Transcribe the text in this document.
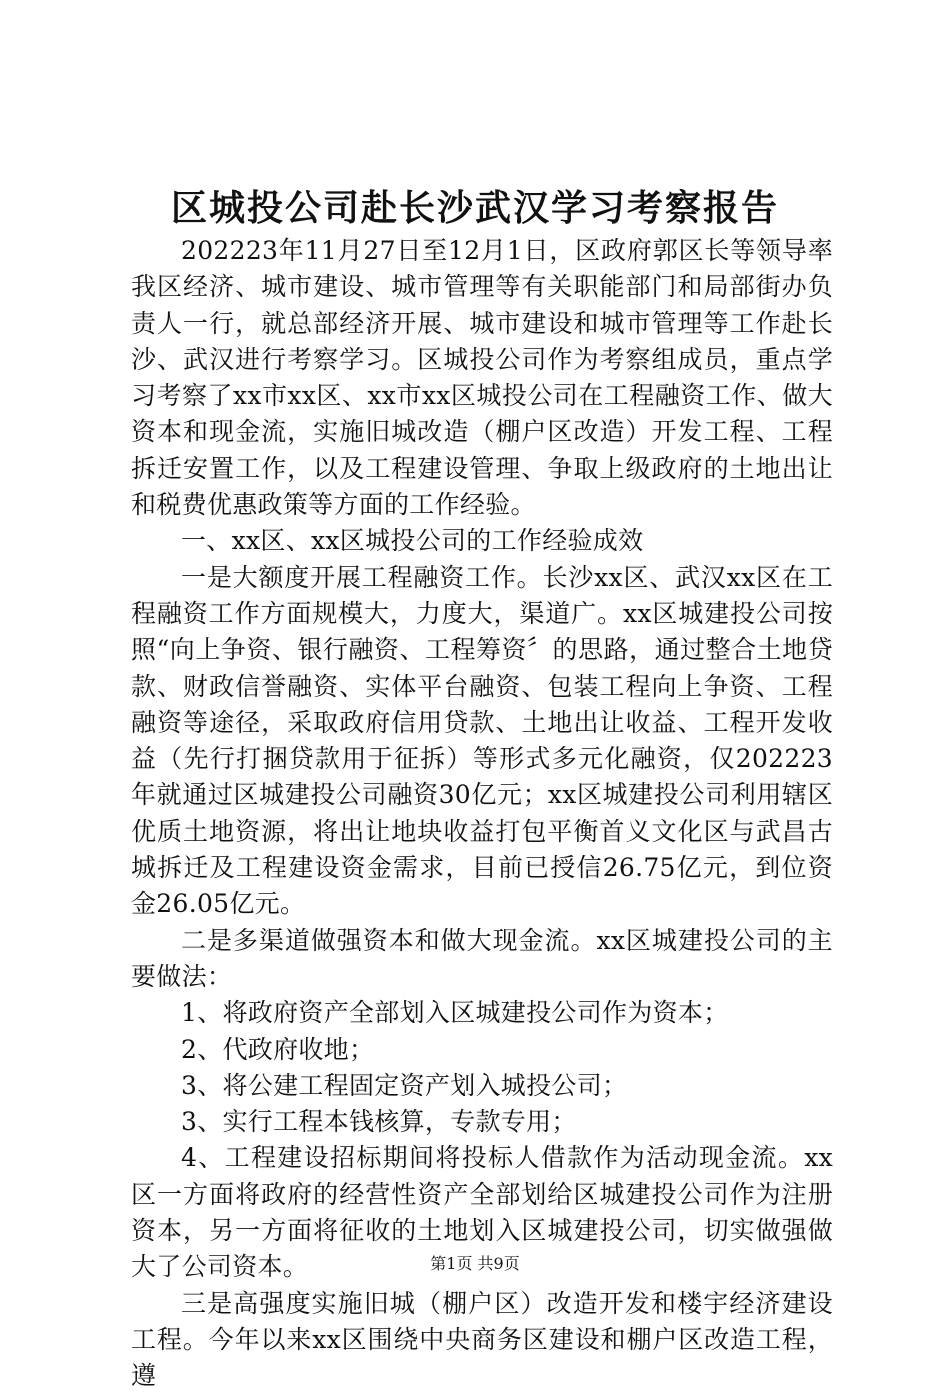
区城投公司赴长沙武汉学习考察报告

202223年11月27日至12月1日，区政府郭区长等领导率我区经济、城市建设、城市管理等有关职能部门和局部街办负责人一行，就总部经济开展、城市建设和城市管理等工作赴长沙、武汉进行考察学习。区城投公司作为考察组成员，重点学习考察了xx市xx区、xx市xx区城投公司在工程融资工作、做大资本和现金流，实施旧城改造（棚户区改造）开发工程、工程拆迁安置工作，以及工程建设管理、争取上级政府的土地出让和税费优惠政策等方面的工作经验。

一、xx区、xx区城投公司的工作经验成效

一是大额度开展工程融资工作。长沙xx区、武汉xx区在工程融资工作方面规模大，力度大，渠道广。xx区城建投公司按照“向上争资、银行融资、工程筹资〞的思路，通过整合土地贷款、财政信誉融资、实体平台融资、包装工程向上争资、工程融资等途径，采取政府信用贷款、土地出让收益、工程开发收益（先行打捆贷款用于征拆）等形式多元化融资，仅202223年就通过区城建投公司融资30亿元；xx区城建投公司利用辖区优质土地资源，将出让地块收益打包平衡首义文化区与武昌古城拆迁及工程建设资金需求，目前已授信26.75亿元，到位资金26.05亿元。

二是多渠道做强资本和做大现金流。xx区城建投公司的主要做法：

1、将政府资产全部划入区城建投公司作为资本；

2、代政府收地；

3、将公建工程固定资产划入城投公司；

3、实行工程本钱核算，专款专用；

4、工程建设招标期间将投标人借款作为活动现金流。xx区一方面将政府的经营性资产全部划给区城建投公司作为注册资本，另一方面将征收的土地划入区城建投公司，切实做强做大了公司资本。

三是高强度实施旧城（棚户区）改造开发和楼宇经济建设工程。今年以来xx区围绕中央商务区建设和棚户区改造工程，遵

第1页 共9页
